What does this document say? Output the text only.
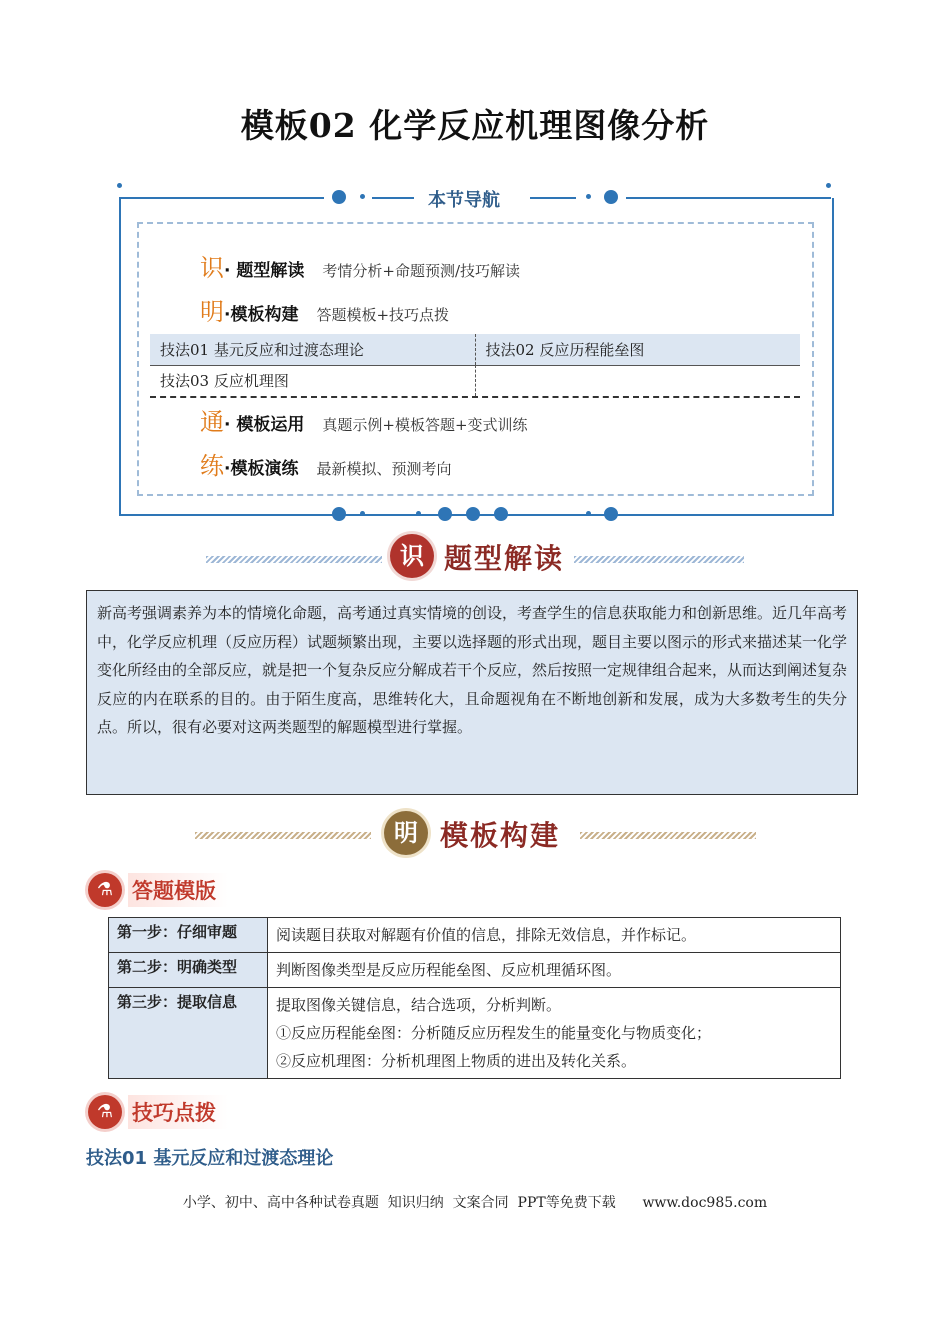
模板02 化学反应机理图像分析
本节导航
识 · 题型解读 考情分析+命题预测/技巧解读
明 ·模板构建 答题模板+技巧点拨
技法01 基元反应和过渡态理论	技法02 反应历程能垒图
技法03 反应机理图	
通 · 模板运用 真题示例+模板答题+变式训练
练 ·模板演练 最新模拟、预测考向
识 题型解读
新高考强调素养为本的情境化命题，高考通过真实情境的创设，考查学生的信息获取能力和创新思维。近几年高考中，化学反应机理（反应历程）试题频繁出现，主要以选择题的形式出现，题目主要以图示的形式来描述某一化学变化所经由的全部反应，就是把一个复杂反应分解成若干个反应，然后按照一定规律组合起来，从而达到阐述复杂反应的内在联系的目的。由于陌生度高，思维转化大，且命题视角在不断地创新和发展，成为大多数考生的失分点。所以，很有必要对这两类题型的解题模型进行掌握。
明 模板构建
⚗ 答题模版
第一步：仔细审题	阅读题目获取对解题有价值的信息，排除无效信息，并作标记。

第二步：明确类型	判断图像类型是反应历程能垒图、反应机理循环图。

第三步：提取信息	提取图像关键信息，结合选项，分析判断。
①反应历程能垒图：分析随反应历程发生的能量变化与物质变化；
②反应机理图：分析机理图上物质的进出及转化关系。
⚗ 技巧点拨
技法01 基元反应和过渡态理论
小学、初中、高中各种试卷真题  知识归纳  文案合同  PPT等免费下载      www.doc985.com
